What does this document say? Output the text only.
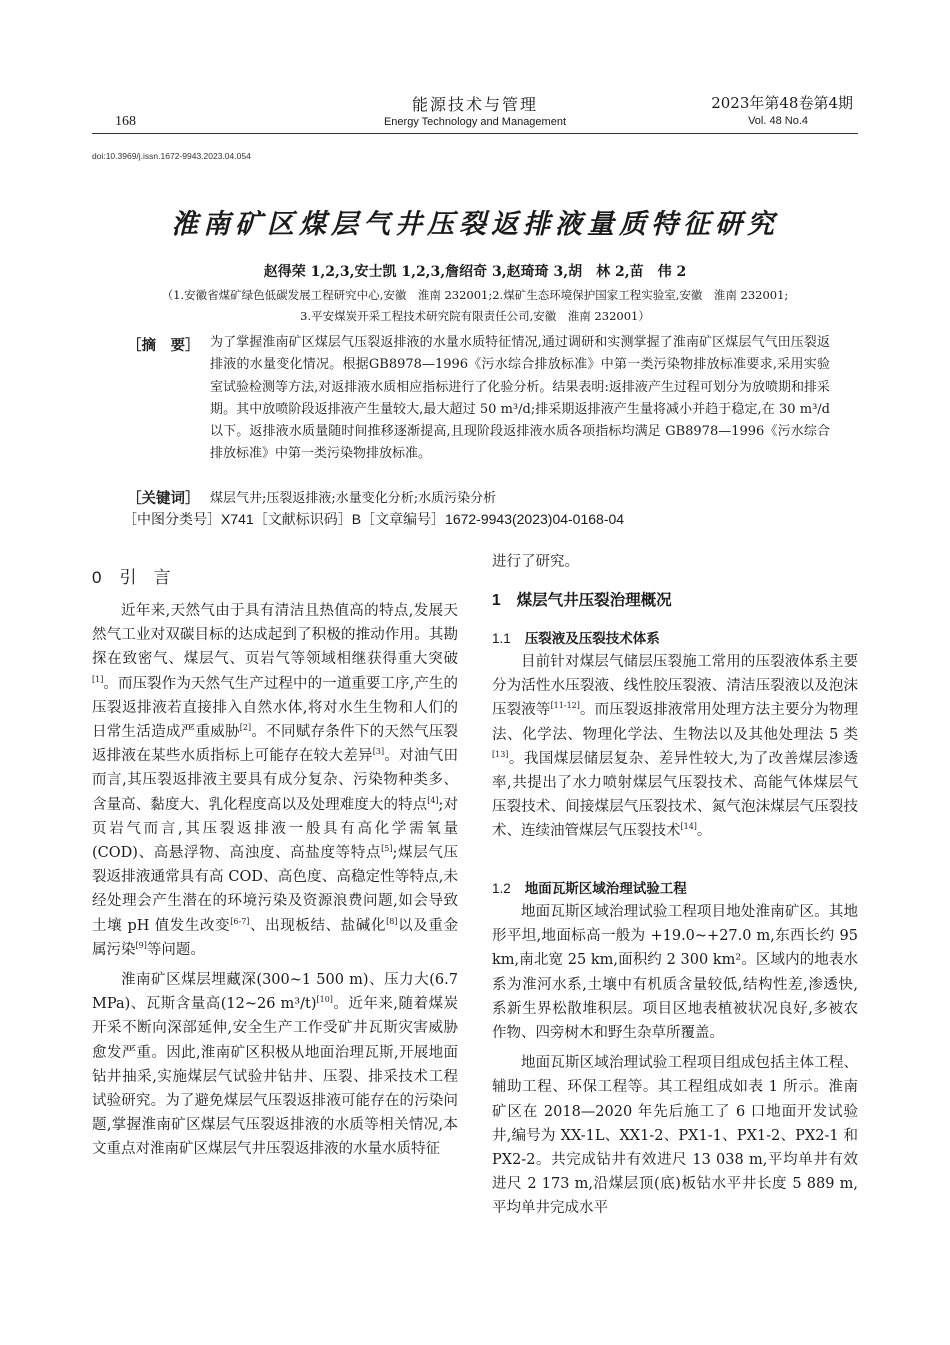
能源技术与管理
Energy Technology and Management
168
2023年第48卷第4期
Vol. 48 No.4
doi:10.3969/j.issn.1672-9943.2023.04.054
淮南矿区煤层气井压裂返排液量质特征研究
赵得荣 1,2,3,安士凯 1,2,3,詹绍奇 3,赵琦琦 3,胡　林 2,苗　伟 2
（1.安徽省煤矿绿色低碳发展工程研究中心,安徽　淮南 232001;2.煤矿生态环境保护国家工程实验室,安徽　淮南 232001;
3.平安煤炭开采工程技术研究院有限责任公司,安徽　淮南 232001）
［摘　要］ 为了掌握淮南矿区煤层气压裂返排液的水量水质特征情况,通过调研和实测掌握了淮南矿区煤层气气田压裂返排液的水量变化情况。根据GB8978—1996《污水综合排放标准》中第一类污染物排放标准要求,采用实验室试验检测等方法,对返排液水质相应指标进行了化验分析。结果表明:返排液产生过程可划分为放喷期和排采期。其中放喷阶段返排液产生量较大,最大超过 50 m³/d;排采期返排液产生量将减小并趋于稳定,在 30 m³/d 以下。返排液水质量随时间推移逐渐提高,且现阶段返排液水质各项指标均满足 GB8978—1996《污水综合排放标准》中第一类污染物排放标准。
［关键词］ 煤层气井;压裂返排液;水量变化分析;水质污染分析
［中图分类号］X741［文献标识码］B［文章编号］1672-9943(2023)04-0168-04
0 引　言

近年来,天然气由于具有清洁且热值高的特点,发展天然气工业对双碳目标的达成起到了积极的推动作用。其勘探在致密气、煤层气、页岩气等领域相继获得重大突破[1]。而压裂作为天然气生产过程中的一道重要工序,产生的压裂返排液若直接排入自然水体,将对水生生物和人们的日常生活造成严重威胁[2]。不同赋存条件下的天然气压裂返排液在某些水质指标上可能存在较大差异[3]。对油气田而言,其压裂返排液主要具有成分复杂、污染物种类多、含量高、黏度大、乳化程度高以及处理难度大的特点[4];对页岩气而言,其压裂返排液一般具有高化学需氧量(COD)、高悬浮物、高浊度、高盐度等特点[5];煤层气压裂返排液通常具有高 COD、高色度、高稳定性等特点,未经处理会产生潜在的环境污染及资源浪费问题,如会导致土壤 pH 值发生改变[6-7]、出现板结、盐碱化[8]以及重金属污染[9]等问题。

淮南矿区煤层埋藏深(300~1 500 m)、压力大(6.7 MPa)、瓦斯含量高(12~26 m³/t)[10]。近年来,随着煤炭开采不断向深部延伸,安全生产工作受矿井瓦斯灾害威胁愈发严重。因此,淮南矿区积极从地面治理瓦斯,开展地面钻井抽采,实施煤层气试验井钻井、压裂、排采技术工程试验研究。为了避免煤层气压裂返排液可能存在的污染问题,掌握淮南矿区煤层气压裂返排液的水质等相关情况,本文重点对淮南矿区煤层气井压裂返排液的水量水质特征

进行了研究。
1 煤层气井压裂治理概况
1.1 压裂液及压裂技术体系

目前针对煤层气储层压裂施工常用的压裂液体系主要分为活性水压裂液、线性胶压裂液、清洁压裂液以及泡沫压裂液等[11-12]。而压裂返排液常用处理方法主要分为物理法、化学法、物理化学法、生物法以及其他处理法 5 类[13]。我国煤层储层复杂、差异性较大,为了改善煤层渗透率,共提出了水力喷射煤层气压裂技术、高能气体煤层气压裂技术、间接煤层气压裂技术、氮气泡沫煤层气压裂技术、连续油管煤层气压裂技术[14]。

1.2 地面瓦斯区域治理试验工程

地面瓦斯区域治理试验工程项目地处淮南矿区。其地形平坦,地面标高一般为 +19.0~+27.0 m,东西长约 95 km,南北宽 25 km,面积约 2 300 km²。区域内的地表水系为淮河水系,土壤中有机质含量较低,结构性差,渗透快,系新生界松散堆积层。项目区地表植被状况良好,多被农作物、四旁树木和野生杂草所覆盖。

地面瓦斯区域治理试验工程项目组成包括主体工程、辅助工程、环保工程等。其工程组成如表 1 所示。淮南矿区在 2018—2020 年先后施工了 6 口地面开发试验井,编号为 XX-1L、XX1-2、PX1-1、PX1-2、PX2-1 和 PX2-2。共完成钻井有效进尺 13 038 m,平均单井有效进尺 2 173 m,沿煤层顶(底)板钻水平井长度 5 889 m,平均单井完成水平
